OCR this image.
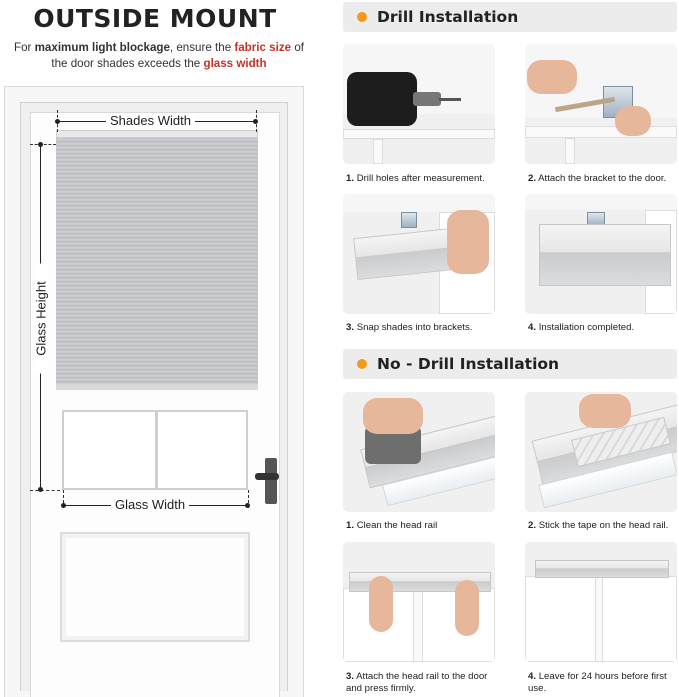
OUTSIDE MOUNT
For maximum light blockage, ensure the fabric size of
the door shades exceeds the glass width
Shades Width
Glass Height
Glass Width
Drill Installation
1. Drill holes after measurement.	2. Attach the bracket to the door.
3. Snap shades into brackets.	4. Installation completed.
No - Drill Installation
1. Clean the head rail	2. Stick the tape on the head rail.
3. Attach the head rail to the door and press firmly.
4. Leave for 24 hours before first use.
